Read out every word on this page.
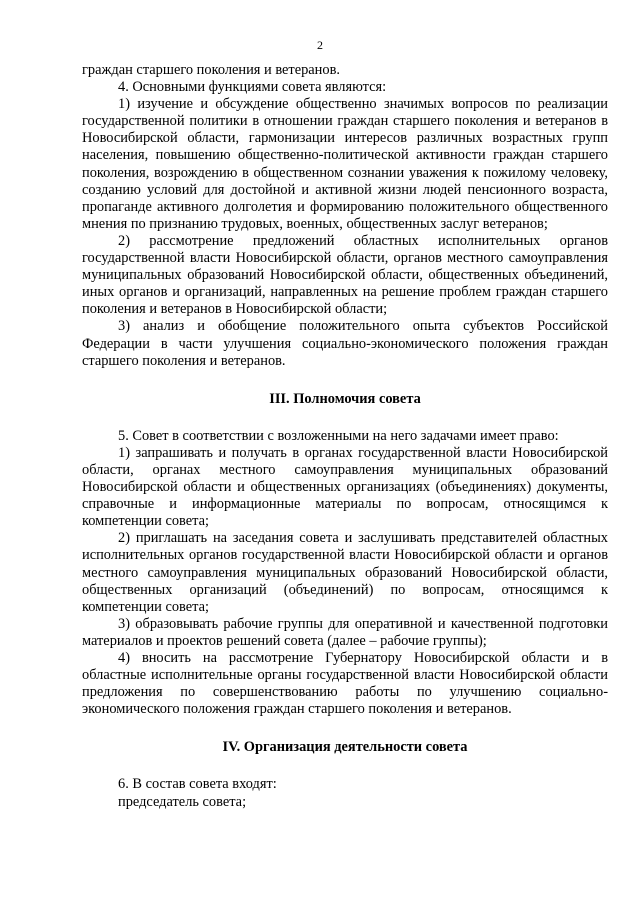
2

граждан старшего поколения и ветеранов.

4. Основными функциями совета являются:

1) изучение и обсуждение общественно значимых вопросов по реализации государственной политики в отношении граждан старшего поколения и ветеранов в Новосибирской области, гармонизации интересов различных возрастных групп населения, повышению общественно-политической активности граждан старшего поколения, возрождению в общественном сознании уважения к пожилому человеку, созданию условий для достойной и активной жизни людей пенсионного возраста, пропаганде активного долголетия и формированию положительного общественного мнения по признанию трудовых, военных, общественных заслуг ветеранов;

2) рассмотрение предложений областных исполнительных органов государственной власти Новосибирской области, органов местного самоуправления муниципальных образований Новосибирской области, общественных объединений, иных органов и организаций, направленных на решение проблем граждан старшего поколения и ветеранов в Новосибирской области;

3) анализ и обобщение положительного опыта субъектов Российской Федерации в части улучшения социально-экономического положения граждан старшего поколения и ветеранов.

III. Полномочия совета

5. Совет в соответствии с возложенными на него задачами имеет право:

1) запрашивать и получать в органах государственной власти Новосибирской области, органах местного самоуправления муниципальных образований Новосибирской области и общественных организациях (объединениях) документы, справочные и информационные материалы по вопросам, относящимся к компетенции совета;

2) приглашать на заседания совета и заслушивать представителей областных исполнительных органов государственной власти Новосибирской области и органов местного самоуправления муниципальных образований Новосибирской области, общественных организаций (объединений) по вопросам, относящимся к компетенции совета;

3) образовывать рабочие группы для оперативной и качественной подготовки материалов и проектов решений совета (далее – рабочие группы);

4) вносить на рассмотрение Губернатору Новосибирской области и в областные исполнительные органы государственной власти Новосибирской области предложения по совершенствованию работы по улучшению социально-экономического положения граждан старшего поколения и ветеранов.

IV. Организация деятельности совета

6. В состав совета входят:

председатель совета;
